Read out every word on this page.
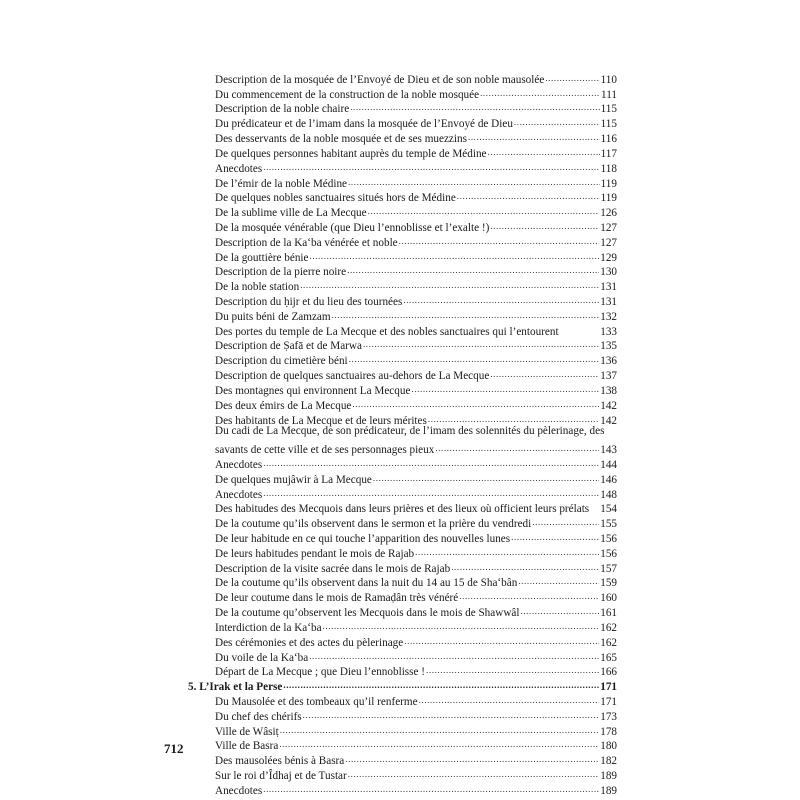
Description de la mosquée de l’Envoyé de Dieu et de son noble mausolée .....	110
Du commencement de la construction de la noble mosquée .....	111
Description de la noble chaire .....	115
Du prédicateur et de l’imam dans la mosquée de l’Envoyé de Dieu .....	115
Des desservants de la noble mosquée et de ses muezzins .....	116
De quelques personnes habitant auprès du temple de Médine .....	117
Anecdotes .....	118
De l’émir de la noble Médine .....	119
De quelques nobles sanctuaires situés hors de Médine .....	119
De la sublime ville de La Mecque .....	126
De la mosquée vénérable (que Dieu l’ennoblisse et l’exalte !) .....	127
Description de la Ka‘ba vénérée et noble .....	127
De la gouttière bénie .....	129
Description de la pierre noire .....	130
De la noble station .....	131
Description du ḥijr et du lieu des tournées .....	131
Du puits béni de Zamzam .....	132
Des portes du temple de La Mecque et des nobles sanctuaires qui l’entourent	133
Description de Ṣafā et de Marwa .....	135
Description du cimetière béni .....	136
Description de quelques sanctuaires au-dehors de La Mecque .....	137
Des montagnes qui environnent La Mecque .....	138
Des deux émirs de La Mecque .....	142
Des habitants de La Mecque et de leurs mérites .....	142
Du cadi de La Mecque, de son prédicateur, de l’imam des solennités du pèlerinage, des
savants de cette ville et de ses personnages pieux .....	143
Anecdotes .....	144
De quelques mujâwir à La Mecque .....	146
Anecdotes .....	148
Des habitudes des Mecquois dans leurs prières et des lieux où officient leurs prélats 154
De la coutume qu’ils observent dans le sermon et la prière du vendredi .....	155
De leur habitude en ce qui touche l’apparition des nouvelles lunes .....	156
De leurs habitudes pendant le mois de Rajab .....	156
Description de la visite sacrée dans le mois de Rajab .....	157
De la coutume qu’ils observent dans la nuit du 14 au 15 de Sha‘bân .....	159
De leur coutume dans le mois de Ramaḍân très vénéré .....	160
De la coutume qu’observent les Mecquois dans le mois de Shawwâl .....	161
Interdiction de la Ka‘ba .....	162
Des cérémonies et des actes du pèlerinage .....	162
Du voile de la Ka‘ba .....	165
Départ de La Mecque ; que Dieu l’ennoblisse ! .....	166
5. L’Irak et la Perse .....	171
Du Mausolée et des tombeaux qu’il renferme .....	171
Du chef des chérifs .....	173
Ville de Wâsiṭ .....	178
Ville de Basra .....	180
Des mausolées bénis à Basra .....	182
Sur le roi d’Îdhaj et de Tustar .....	189
Anecdotes .....	189
712
